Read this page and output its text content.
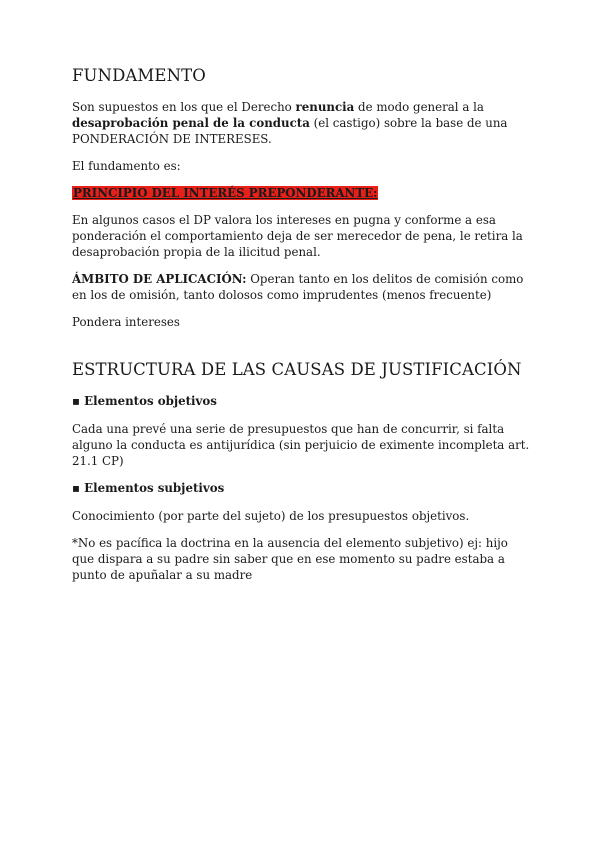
FUNDAMENTO

Son supuestos en los que el Derecho renuncia de modo general a la desaprobación penal de la conducta (el castigo) sobre la base de una PONDERACIÓN DE INTERESES.

El fundamento es:

PRINCIPIO DEL INTERÉS PREPONDERANTE:

En algunos casos el DP valora los intereses en pugna y conforme a esa ponderación el comportamiento deja de ser merecedor de pena, le retira la desaprobación propia de la ilicitud penal.

ÁMBITO DE APLICACIÓN: Operan tanto en los delitos de comisión como en los de omisión, tanto dolosos como imprudentes (menos frecuente)

Pondera intereses

ESTRUCTURA DE LAS CAUSAS DE JUSTIFICACIÓN
▪ Elementos objetivos

Cada una prevé una serie de presupuestos que han de concurrir, si falta alguno la conducta es antijurídica (sin perjuicio de eximente incompleta art. 21.1 CP)

▪ Elementos subjetivos

Conocimiento (por parte del sujeto) de los presupuestos objetivos.

*No es pacífica la doctrina en la ausencia del elemento subjetivo) ej: hijo que dispara a su padre sin saber que en ese momento su padre estaba a punto de apuñalar a su madre
